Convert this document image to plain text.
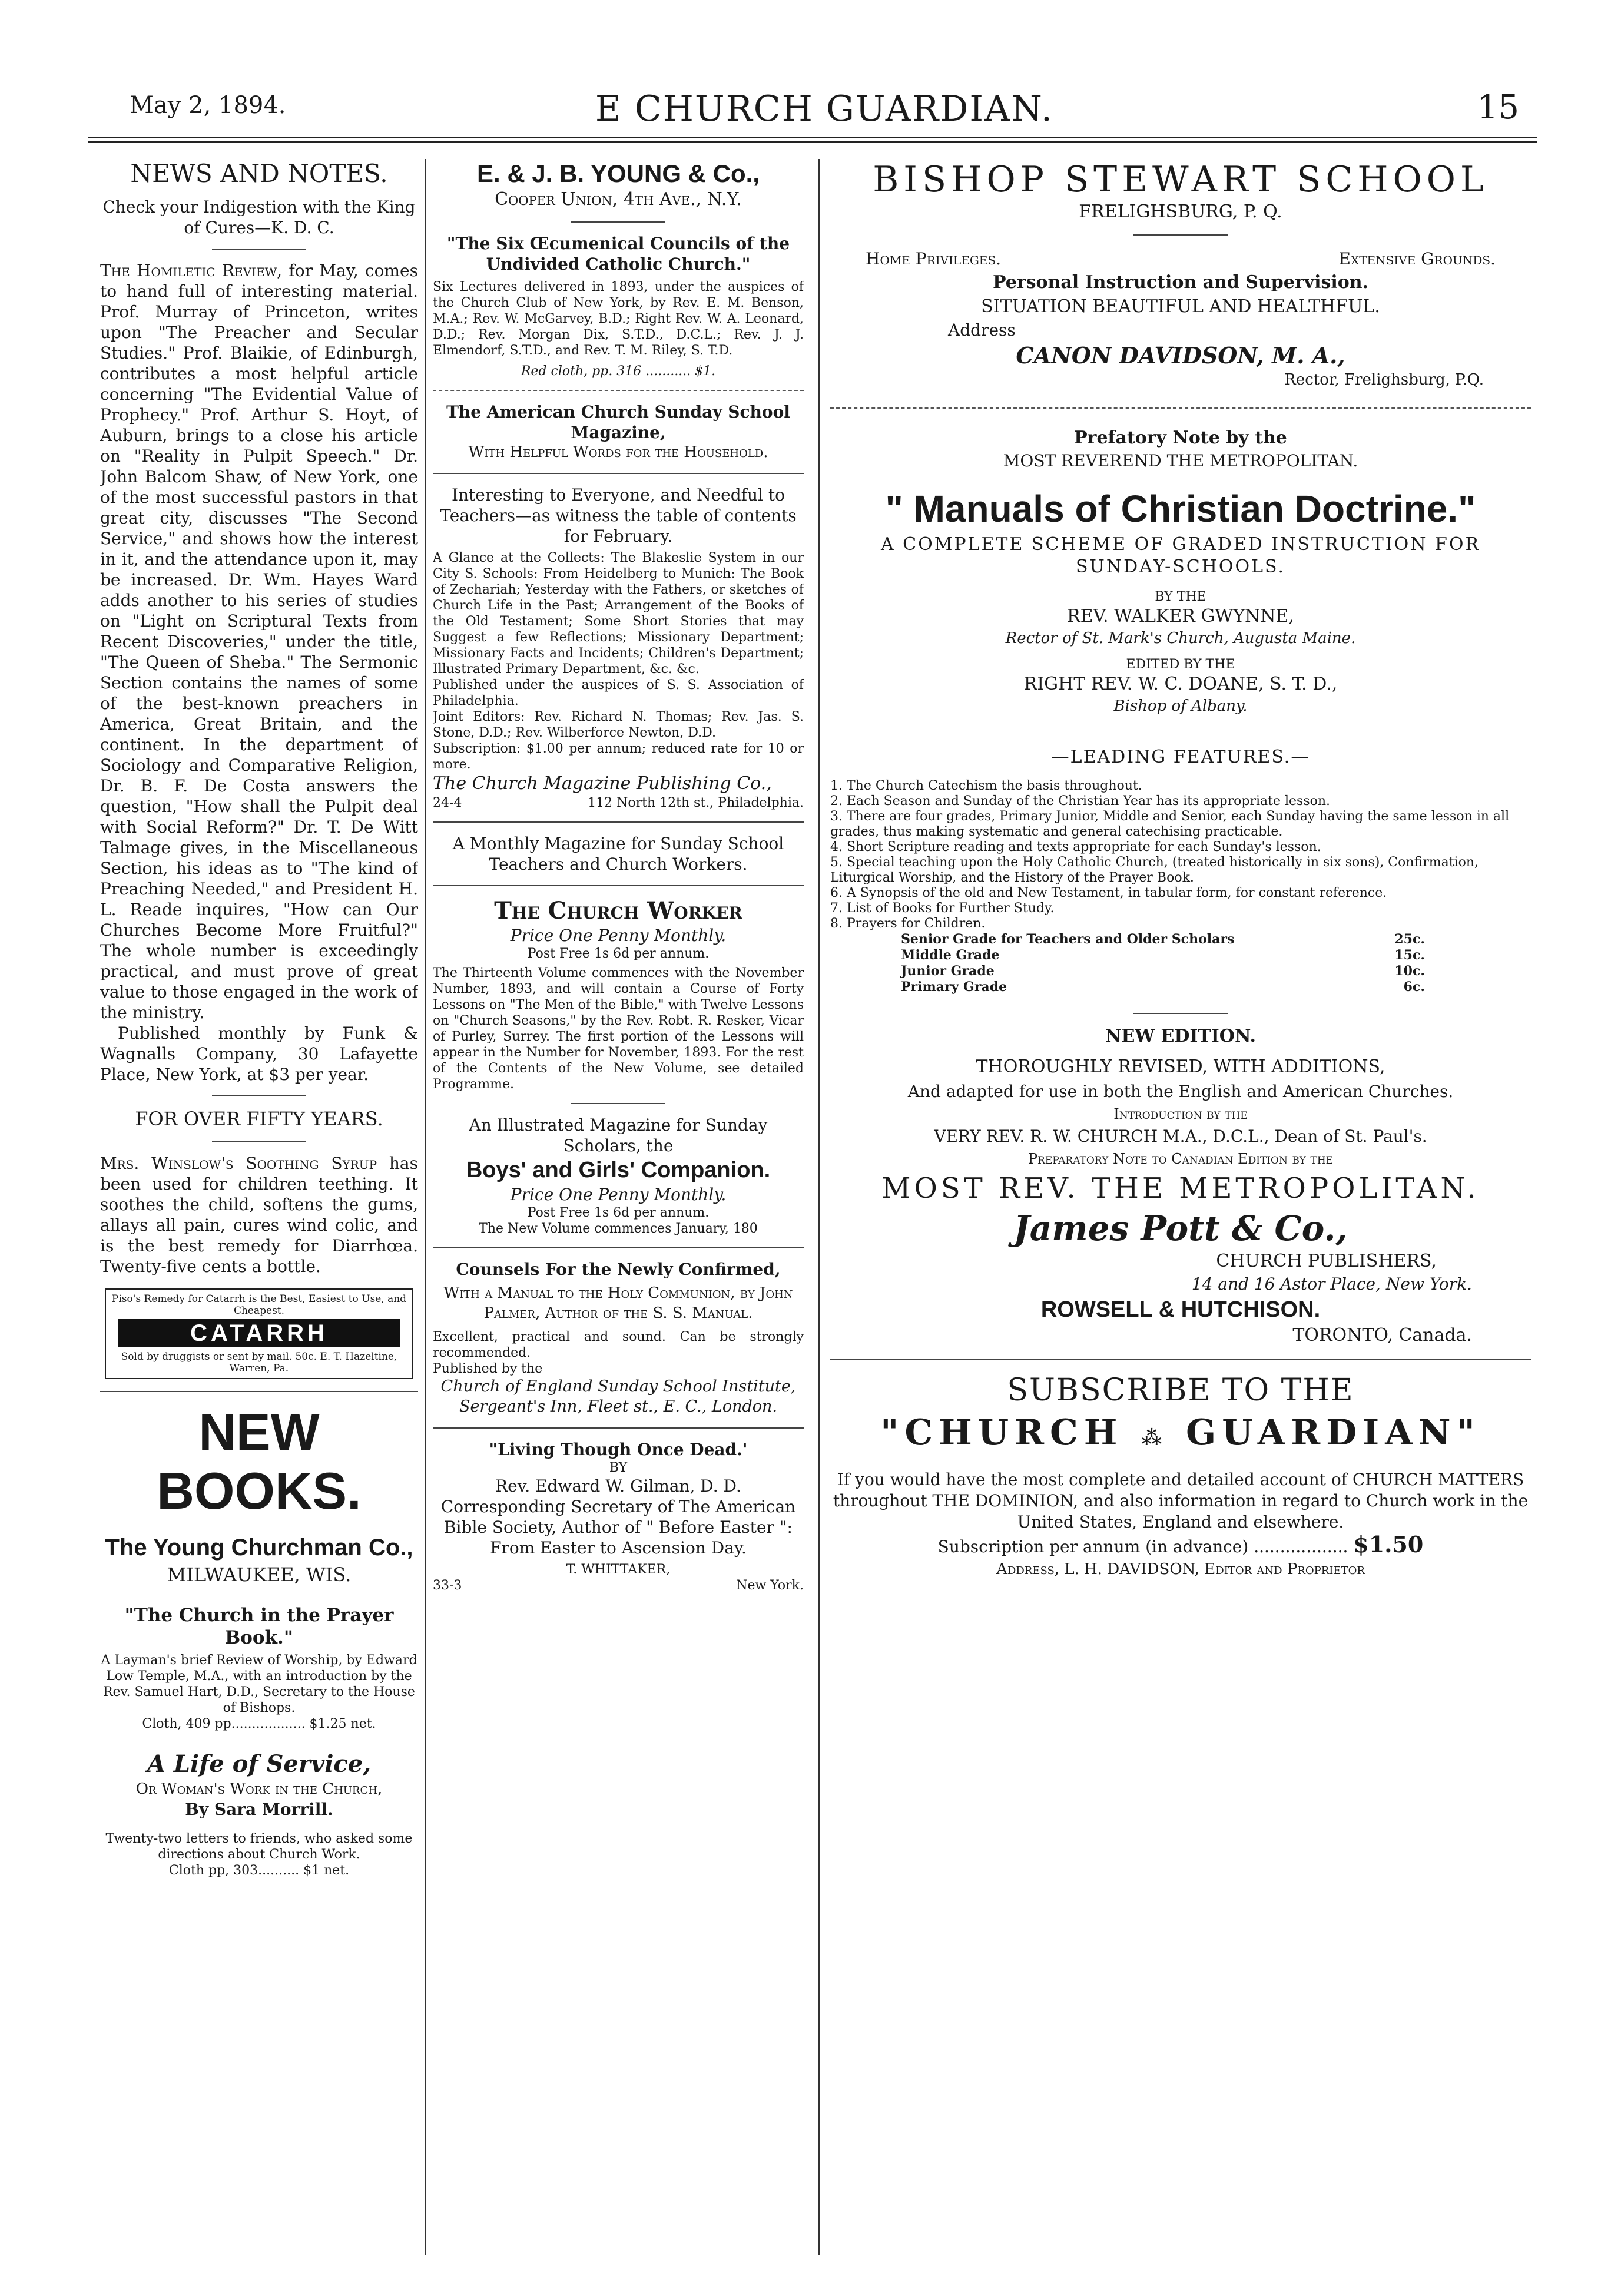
May 2, 1894.	E CHURCH GUARDIAN.	15
NEWS AND NOTES.
Check your Indigestion with the King of Cures—K. D. C.
The Homiletic Review, for May, comes to hand full of interesting material. Prof. Murray of Princeton, writes upon "The Preacher and Secular Studies." Prof. Blaikie, of Edinburgh, contributes a most helpful article concerning "The Evidential Value of Prophecy." Prof. Arthur S. Hoyt, of Auburn, brings to a close his article on "Reality in Pulpit Speech." Dr. John Balcom Shaw, of New York, one of the most successful pastors in that great city, discusses "The Second Service," and shows how the interest in it, and the attendance upon it, may be increased. Dr. Wm. Hayes Ward adds another to his series of studies on "Light on Scriptural Texts from Recent Discoveries," under the title, "The Queen of Sheba." The Sermonic Section contains the names of some of the best-known preachers in America, Great Britain, and the continent. In the department of Sociology and Comparative Religion, Dr. B. F. De Costa answers the question, "How shall the Pulpit deal with Social Reform?" Dr. T. De Witt Talmage gives, in the Miscellaneous Section, his ideas as to "The kind of Preaching Needed," and President H. L. Reade inquires, "How can Our Churches Become More Fruitful?" The whole number is exceedingly practical, and must prove of great value to those engaged in the work of the ministry.
Published monthly by Funk & Wagnalls Company, 30 Lafayette Place, New York, at $3 per year.
FOR OVER FIFTY YEARS.
Mrs. Winslow's Soothing Syrup has been used for children teething. It soothes the child, softens the gums, allays all pain, cures wind colic, and is the best remedy for Diarrhœa. Twenty-five cents a bottle.
Piso's Remedy for Catarrh is the Best, Easiest to Use, and Cheapest.
CATARRH
Sold by druggists or sent by mail. 50c. E. T. Hazeltine, Warren, Pa.
NEW BOOKS.
The Young Churchman Co.,
MILWAUKEE, WIS.
"The Church in the Prayer Book."
A Layman's brief Review of Worship, by Edward Low Temple, M.A., with an introduction by the Rev. Samuel Hart, D.D., Secretary to the House of Bishops.
Cloth, 409 pp.................. $1.25 net.
A Life of Service,
Or Woman's Work in the Church,
By Sara Morrill.
Twenty-two letters to friends, who asked some directions about Church Work.
Cloth pp, 303.......... $1 net.
E. & J. B. YOUNG & Co.,
Cooper Union, 4th Ave., N.Y.
"The Six Œcumenical Councils of the Undivided Catholic Church."
Six Lectures delivered in 1893, under the auspices of the Church Club of New York, by Rev. E. M. Benson, M.A.; Rev. W. McGarvey, B.D.; Right Rev. W. A. Leonard, D.D.; Rev. Morgan Dix, S.T.D., D.C.L.; Rev. J. J. Elmendorf, S.T.D., and Rev. T. M. Riley, S. T.D.
Red cloth, pp. 316 ........... $1.
The American Church Sunday School Magazine,
With Helpful Words for the Household.
Interesting to Everyone, and Needful to Teachers—as witness the table of contents for February.
A Glance at the Collects: The Blakeslie System in our City S. Schools: From Heidelberg to Munich: The Book of Zechariah; Yesterday with the Fathers, or sketches of Church Life in the Past; Arrangement of the Books of the Old Testament; Some Short Stories that may Suggest a few Reflections; Missionary Department; Missionary Facts and Incidents; Children's Department; Illustrated Primary Department, &c. &c.
Published under the auspices of S. S. Association of Philadelphia.
Joint Editors: Rev. Richard N. Thomas; Rev. Jas. S. Stone, D.D.; Rev. Wilberforce Newton, D.D.
Subscription: $1.00 per annum; reduced rate for 10 or more.
The Church Magazine Publishing Co.,
24-4	112 North 12th st., Philadelphia.
A Monthly Magazine for Sunday School Teachers and Church Workers.
The Church Worker
Price One Penny Monthly.
Post Free 1s 6d per annum.
The Thirteenth Volume commences with the November Number, 1893, and will contain a Course of Forty Lessons on "The Men of the Bible," with Twelve Lessons on "Church Seasons," by the Rev. Robt. R. Resker, Vicar of Purley, Surrey. The first portion of the Lessons will appear in the Number for November, 1893. For the rest of the Contents of the New Volume, see detailed Programme.
An Illustrated Magazine for Sunday Scholars, the
Boys' and Girls' Companion.
Price One Penny Monthly.
Post Free 1s 6d per annum.
The New Volume commences January, 180
Counsels For the Newly Confirmed,
With a Manual to the Holy Communion, by John Palmer, Author of the S. S. Manual.
Excellent, practical and sound. Can be strongly recommended.
Published by the
Church of England Sunday School Institute, Sergeant's Inn, Fleet st., E. C., London.
"Living Though Once Dead.'
BY
Rev. Edward W. Gilman, D. D. Corresponding Secretary of The American Bible Society, Author of " Before Easter ": From Easter to Ascension Day.
T. WHITTAKER,
33-3	New York.
BISHOP STEWART SCHOOL
FRELIGHSBURG, P. Q.
Home Privileges.	Extensive Grounds.
Personal Instruction and Supervision.
SITUATION BEAUTIFUL AND HEALTHFUL.
Address
CANON DAVIDSON, M. A.,
Rector, Frelighsburg, P.Q.
Prefatory Note by the
MOST REVEREND THE METROPOLITAN.
" Manuals of Christian Doctrine."
A COMPLETE SCHEME OF GRADED INSTRUCTION FOR SUNDAY-SCHOOLS.
BY THE
REV. WALKER GWYNNE,
Rector of St. Mark's Church, Augusta Maine.
EDITED BY THE
RIGHT REV. W. C. DOANE, S. T. D.,
Bishop of Albany.
—LEADING FEATURES.—
1. The Church Catechism the basis throughout.
2. Each Season and Sunday of the Christian Year has its appropriate lesson.
3. There are four grades, Primary Junior, Middle and Senior, each Sunday having the same lesson in all grades, thus making systematic and general catechising practicable.
4. Short Scripture reading and texts appropriate for each Sunday's lesson.
5. Special teaching upon the Holy Catholic Church, (treated historically in six sons), Confirmation, Liturgical Worship, and the History of the Prayer Book.
6. A Synopsis of the old and New Testament, in tabular form, for constant reference.
7. List of Books for Further Study.
8. Prayers for Children.
Senior Grade for Teachers and Older Scholars	25c.
Middle Grade	15c.
Junior Grade	10c.
Primary Grade	6c.
NEW EDITION.
THOROUGHLY REVISED, WITH ADDITIONS,
And adapted for use in both the English and American Churches.
Introduction by the
VERY REV. R. W. CHURCH M.A., D.C.L., Dean of St. Paul's.
Preparatory Note to Canadian Edition by the
MOST REV. THE METROPOLITAN.
James Pott & Co.,
CHURCH PUBLISHERS,
14 and 16 Astor Place, New York.
ROWSELL & HUTCHISON.
TORONTO, Canada.
SUBSCRIBE TO THE
"CHURCH ⁂ GUARDIAN"
If you would have the most complete and detailed account of CHURCH MATTERS throughout THE DOMINION, and also information in regard to Church work in the United States, England and elsewhere.
Subscription per annum (in advance) .................. $1.50
Address, L. H. DAVIDSON, Editor and Proprietor
